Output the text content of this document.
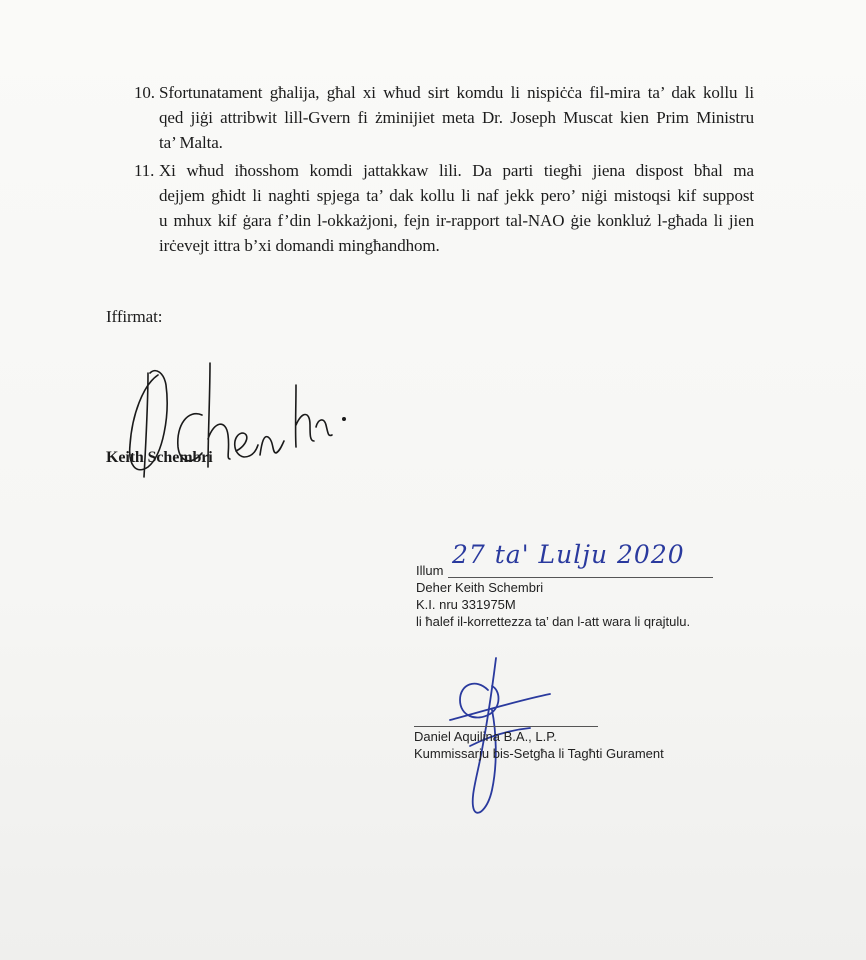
10. Sfortunatament għalija, għal xi wħud sirt komdu li nispiċċa fil-mira ta’ dak kollu li
qed jiġi attribwit lill-Gvern fi żminijiet meta Dr. Joseph Muscat kien Prim Ministru
ta’ Malta.
11. Xi wħud iħosshom komdi jattakkaw lili. Da parti tiegħi jiena dispost bħal ma
dejjem għidt li naghti spjega ta’ dak kollu li naf jekk pero’ niġi mistoqsi kif suppost
u mhux kif ġara f’din l-okkażjoni, fejn ir-rapport tal-NAO ġie konkluż l-għada li jien
irċevejt ittra b’xi domandi mingħandhom.
Iffirmat:
Keith Schembri
Illum
Deher Keith Schembri
K.I. nru 331975M
li ħalef il-korrettezza ta’ dan l-att wara li qrajtulu.
27 ta' Lulju 2020
Daniel Aquilina B.A., L.P.
Kummissarju bis-Setgħa li Tagħti Gurament
